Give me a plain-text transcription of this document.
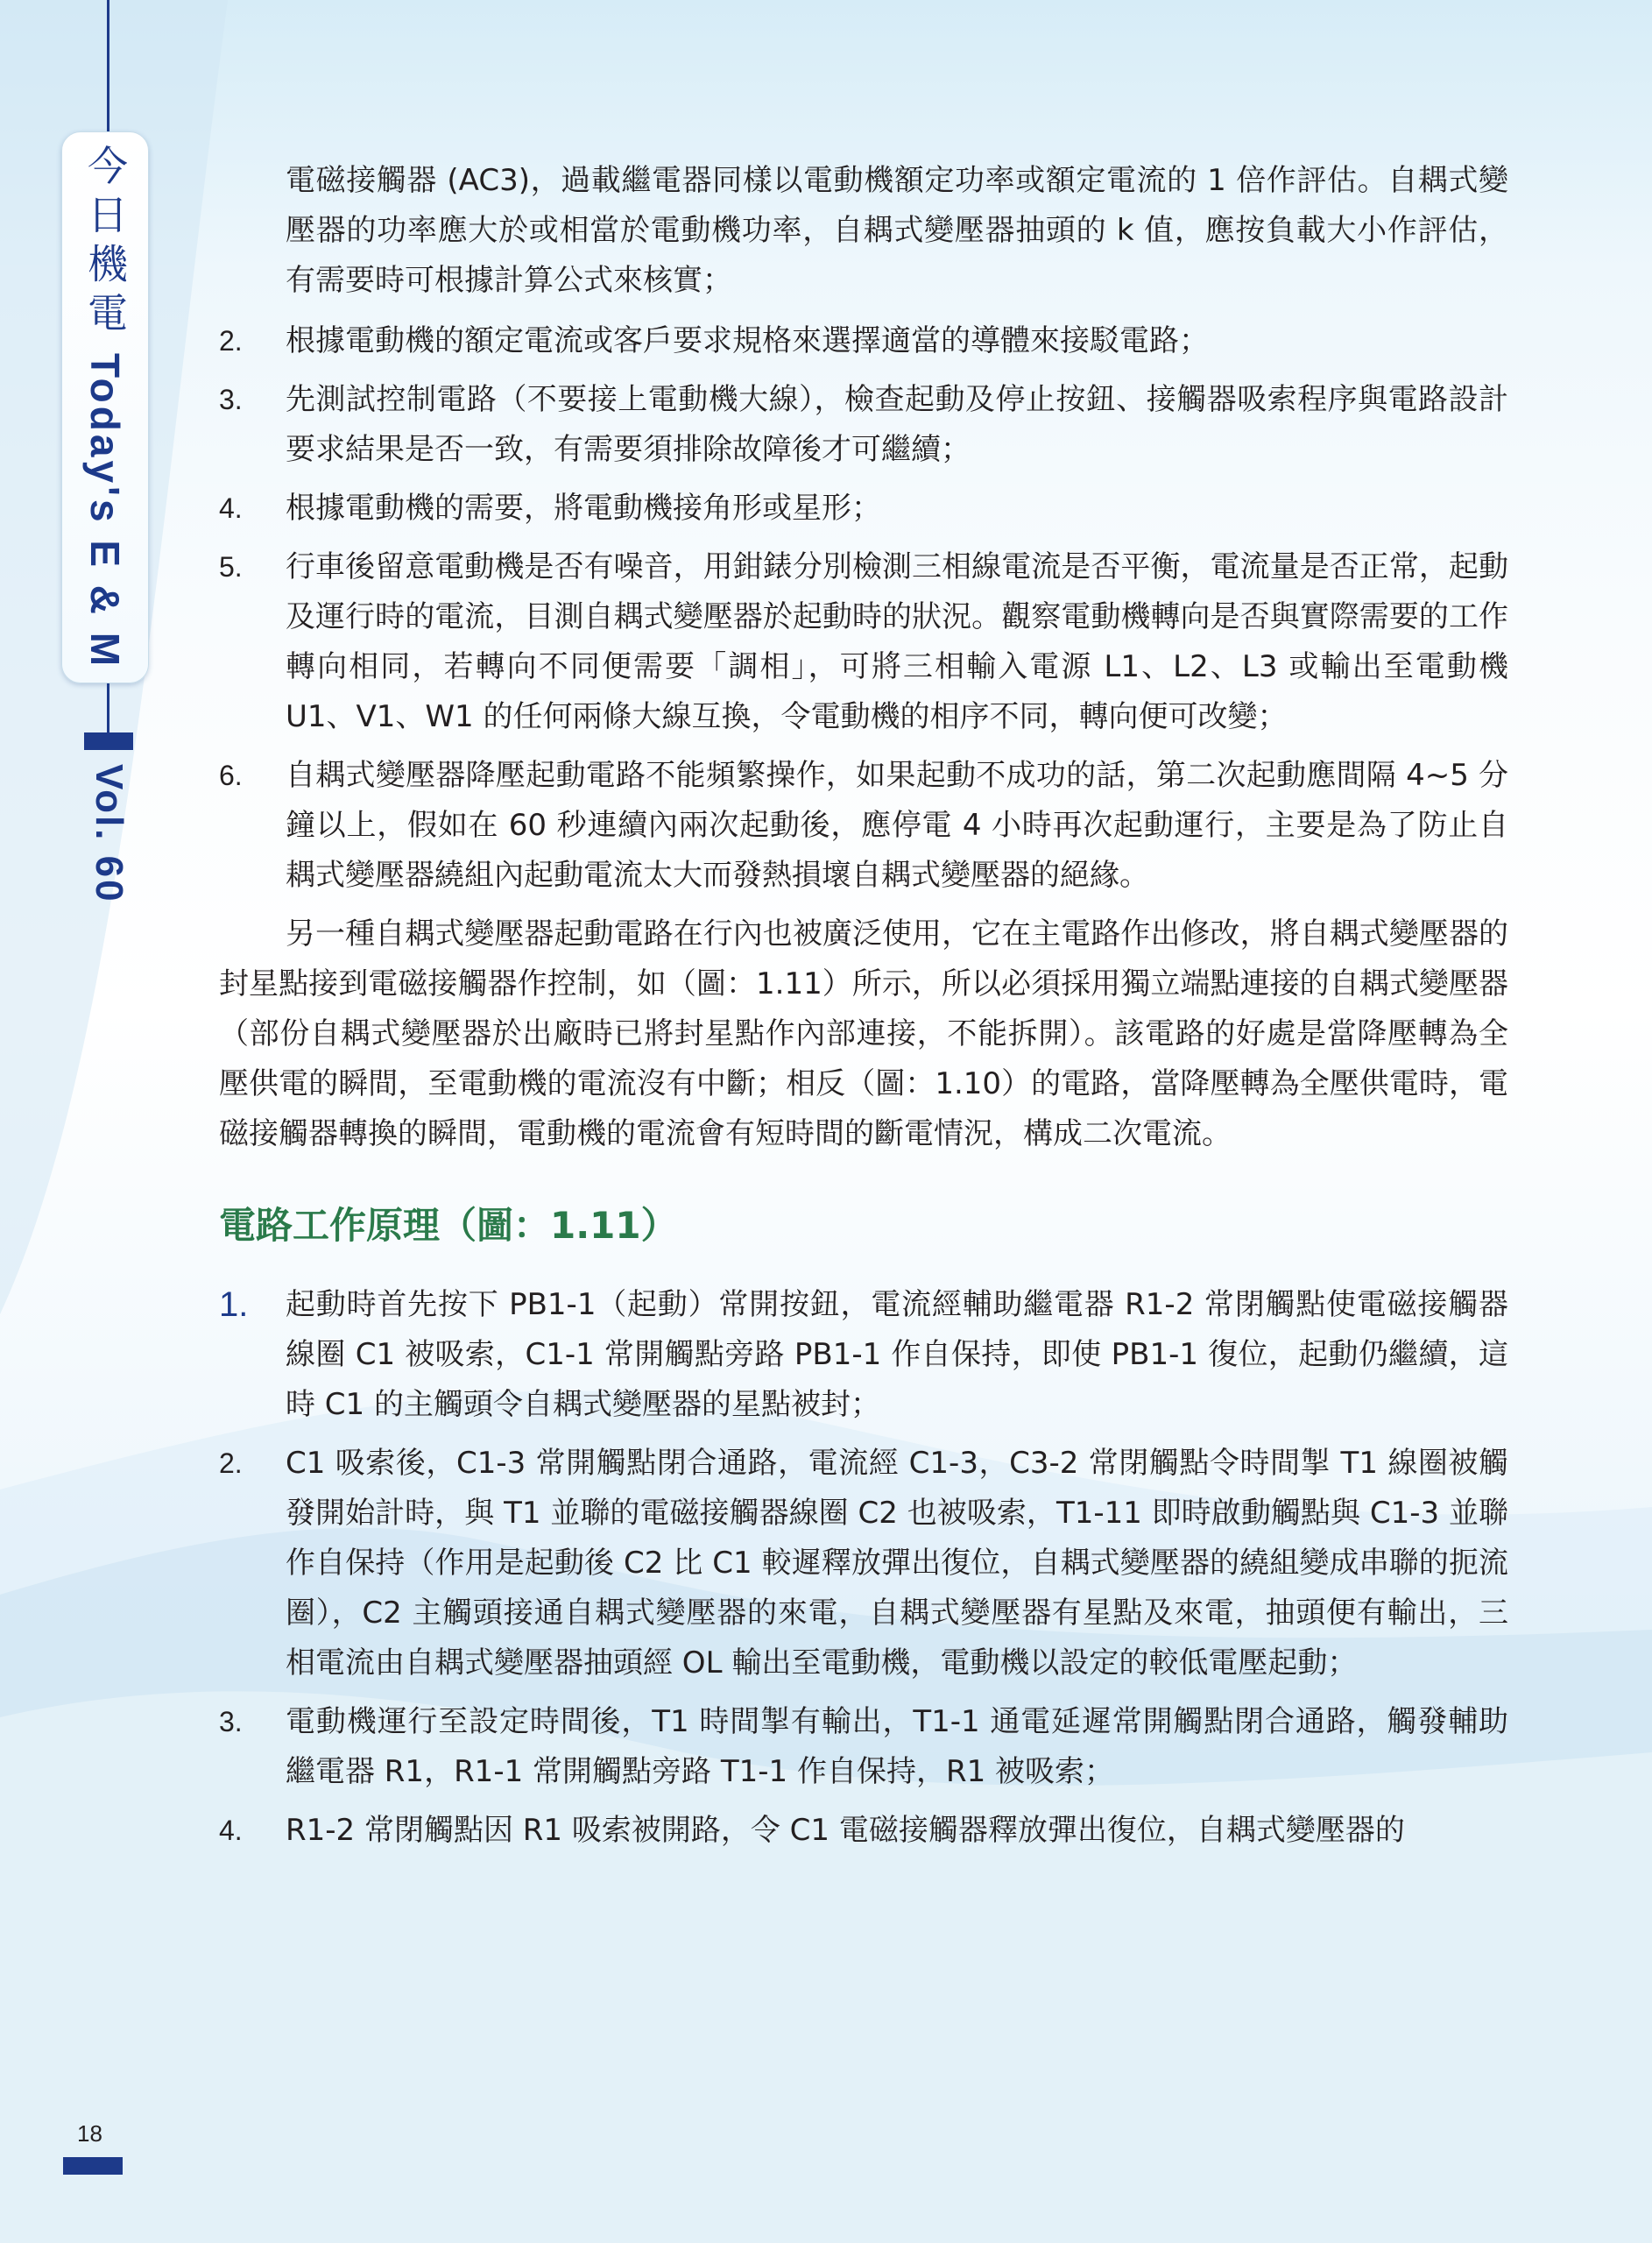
今日機電
Today's E & M
Vol. 60
18

電磁接觸器 (AC3)，過載繼電器同樣以電動機額定功率或額定電流的 1 倍作評估。自耦式變壓器的功率應大於或相當於電動機功率，自耦式變壓器抽頭的 k 值，應按負載大小作評估，有需要時可根據計算公式來核實；

2.	根據電動機的額定電流或客戶要求規格來選擇適當的導體來接駁電路；
3.	先測試控制電路（不要接上電動機大線），檢查起動及停止按鈕、接觸器吸索程序與電路設計要求結果是否一致，有需要須排除故障後才可繼續；
4.	根據電動機的需要，將電動機接角形或星形；
5.	行車後留意電動機是否有噪音，用鉗錶分別檢測三相線電流是否平衡，電流量是否正常，起動及運行時的電流，目測自耦式變壓器於起動時的狀況。觀察電動機轉向是否與實際需要的工作轉向相同，若轉向不同便需要「調相」，可將三相輸入電源 L1、L2、L3 或輸出至電動機 U1、V1、W1 的任何兩條大線互換，令電動機的相序不同，轉向便可改變；
6.	自耦式變壓器降壓起動電路不能頻繁操作，如果起動不成功的話，第二次起動應間隔 4~5 分鐘以上，假如在 60 秒連續內兩次起動後，應停電 4 小時再次起動運行，主要是為了防止自耦式變壓器繞組內起動電流太大而發熱損壞自耦式變壓器的絕緣。

另一種自耦式變壓器起動電路在行內也被廣泛使用，它在主電路作出修改，將自耦式變壓器的封星點接到電磁接觸器作控制，如（圖：1.11）所示，所以必須採用獨立端點連接的自耦式變壓器（部份自耦式變壓器於出廠時已將封星點作內部連接，不能拆開）。該電路的好處是當降壓轉為全壓供電的瞬間，至電動機的電流沒有中斷；相反（圖：1.10）的電路，當降壓轉為全壓供電時，電磁接觸器轉換的瞬間，電動機的電流會有短時間的斷電情況，構成二次電流。

電路工作原理（圖：1.11）
1.	起動時首先按下 PB1-1（起動）常開按鈕，電流經輔助繼電器 R1-2 常閉觸點使電磁接觸器線圈 C1 被吸索，C1-1 常開觸點旁路 PB1-1 作自保持，即使 PB1-1 復位，起動仍繼續，這時 C1 的主觸頭令自耦式變壓器的星點被封；
2.	C1 吸索後，C1-3 常開觸點閉合通路，電流經 C1-3，C3-2 常閉觸點令時間掣 T1 線圈被觸發開始計時，與 T1 並聯的電磁接觸器線圈 C2 也被吸索，T1-11 即時啟動觸點與 C1-3 並聯作自保持（作用是起動後 C2 比 C1 較遲釋放彈出復位，自耦式變壓器的繞組變成串聯的扼流圈），C2 主觸頭接通自耦式變壓器的來電，自耦式變壓器有星點及來電，抽頭便有輸出，三相電流由自耦式變壓器抽頭經 OL 輸出至電動機，電動機以設定的較低電壓起動；
3.	電動機運行至設定時間後，T1 時間掣有輸出，T1-1 通電延遲常開觸點閉合通路，觸發輔助繼電器 R1，R1-1 常開觸點旁路 T1-1 作自保持，R1 被吸索；
4.	R1-2 常閉觸點因 R1 吸索被開路，令 C1 電磁接觸器釋放彈出復位，自耦式變壓器的
